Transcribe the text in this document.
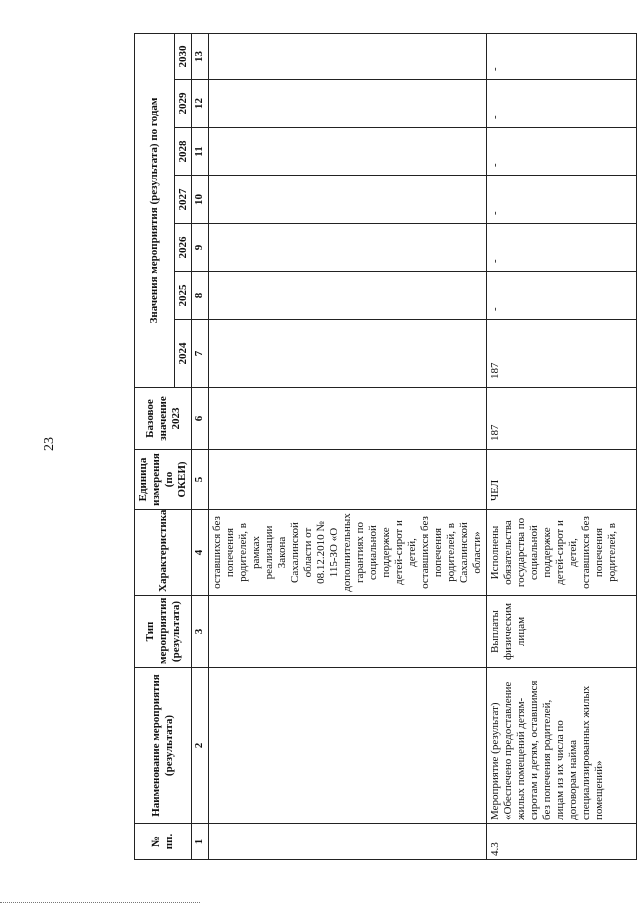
23
№ пп.	Наименование мероприятия (результата)	Тип мероприятия (результата)	Характеристика	Единица измерения (по ОКЕИ)	Базовое значение 2023	Значения мероприятия (результата) по годам						
						2024	2025	2026	2027	2028	2029	2030
1	2	3	4	5	6	7	8	9	10	11	12	13
			оставшихся без попечения родителей, в рамках реализации Закона Сахалинской области от 08.12.2010 № 115-ЗО «О дополнительных гарантиях по социальной поддержке детей-сирот и детей, оставшихся без попечения родителей, в Сахалинской области»									
4.3	Мероприятие (результат) «Обеспечено предоставление жилых помещений детям-сиротам и детям, оставшимся без попечения родителей, лицам из их числа по договорам найма специализированных жилых помещений»	Выплаты физическим лицам	Исполнены обязательства государства по социальной поддержке детей-сирот и детей, оставшихся без попечения родителей, в	ЧЕЛ	187	187	-	-	-	-	-	-
